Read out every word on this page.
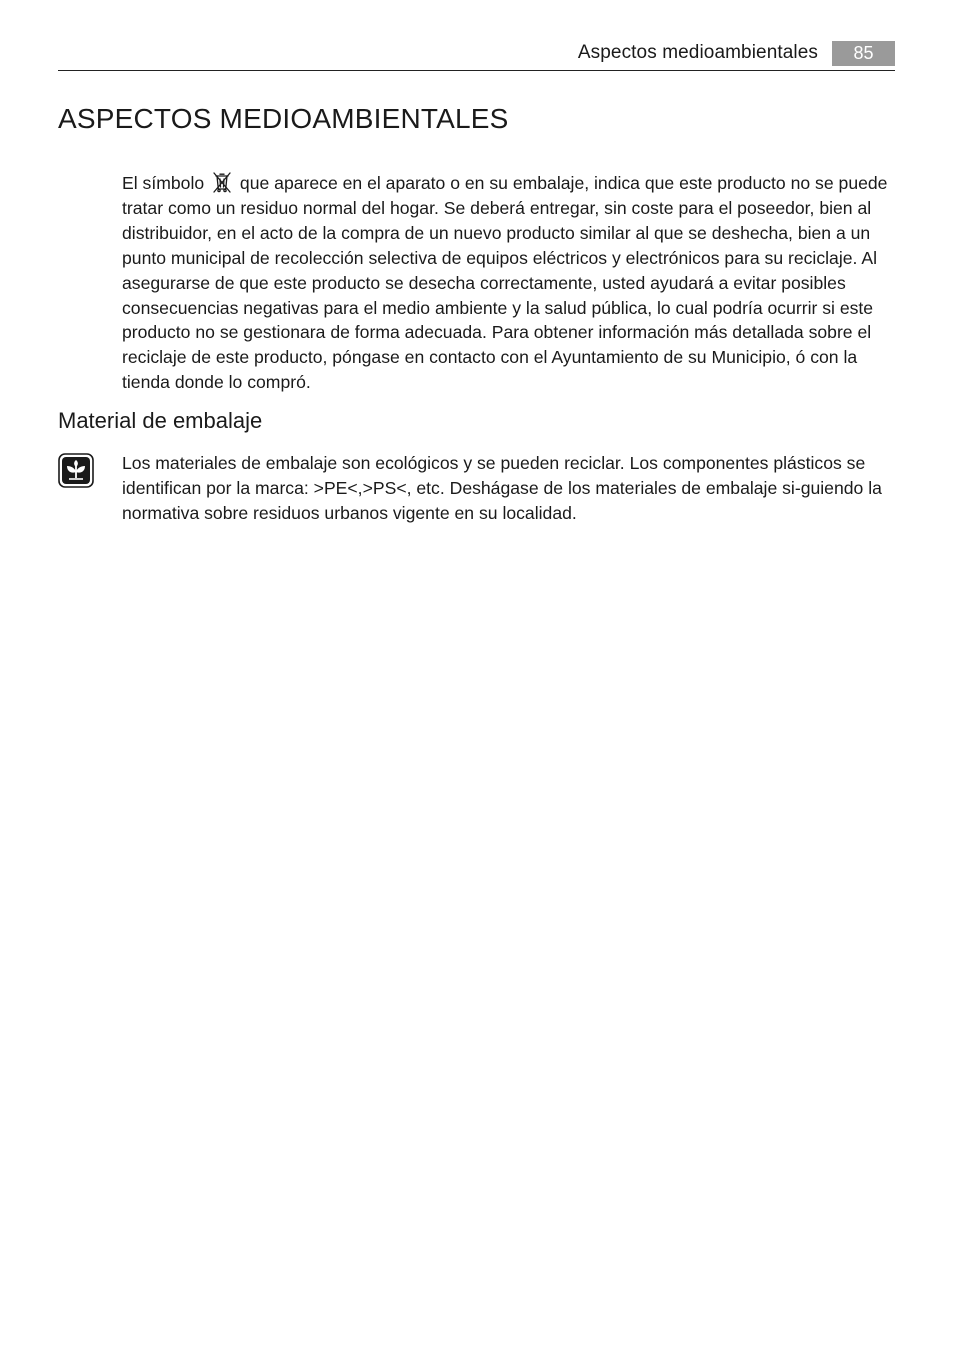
Aspectos medioambientales	85
ASPECTOS MEDIOAMBIENTALES

El símbolo  que aparece en el aparato o en su embalaje, indica que este producto no se puede tratar como un residuo normal del hogar. Se deberá entregar, sin coste para el poseedor, bien al distribuidor, en el acto de la compra de un nuevo producto similar al que se deshecha, bien a un punto municipal de recolección selectiva de equipos eléctricos y electrónicos para su reciclaje. Al asegurarse de que este producto se desecha correctamente, usted ayudará a evitar posibles consecuencias negativas para el medio ambiente y la salud pública, lo cual podría ocurrir si este producto no se gestionara de forma adecuada. Para obtener información más detallada sobre el reciclaje de este producto, póngase en contacto con el Ayuntamiento de su Municipio, ó con la tienda donde lo compró.

Material de embalaje

Los materiales de embalaje son ecológicos y se pueden reciclar. Los componentes plásticos se identifican por la marca: >PE<,>PS<, etc. Deshágase de los materiales de embalaje si-guiendo la normativa sobre residuos urbanos vigente en su localidad.
